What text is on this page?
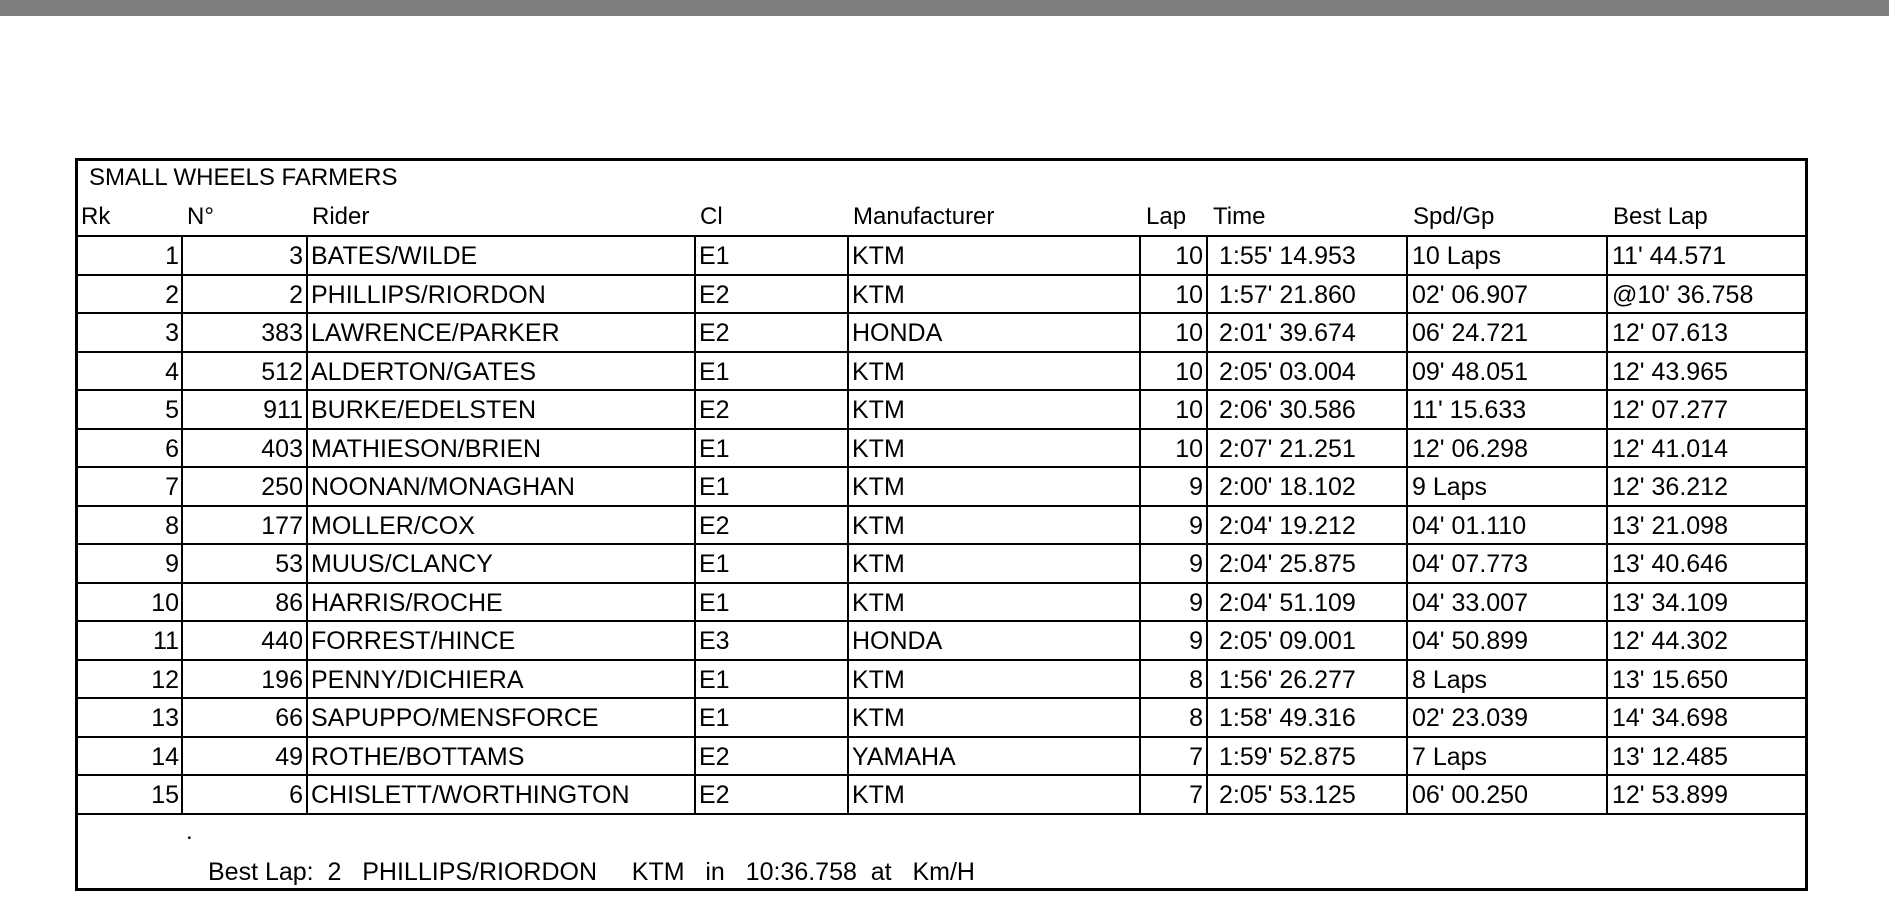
SMALL WHEELS FARMERS
Rk	N°	Rider	Cl	Manufacturer	Lap Time	Spd/Gp	Best Lap
1	3 BATES/WILDE	E1	KTM	10 1:55' 14.953	10 Laps	11' 44.571
2	2 PHILLIPS/RIORDON	E2	KTM	10 1:57' 21.860	02' 06.907	@10' 36.758
3	383 LAWRENCE/PARKER	E2	HONDA	10 2:01' 39.674	06' 24.721	12' 07.613
4	512 ALDERTON/GATES	E1	KTM	10 2:05' 03.004	09' 48.051	12' 43.965
5	911 BURKE/EDELSTEN	E2	KTM	10 2:06' 30.586	11' 15.633	12' 07.277
6	403 MATHIESON/BRIEN	E1	KTM	10 2:07' 21.251	12' 06.298	12' 41.014
7	250 NOONAN/MONAGHAN	E1	KTM	9 2:00' 18.102	9 Laps	12' 36.212
8	177 MOLLER/COX	E2	KTM	9 2:04' 19.212	04' 01.110	13' 21.098
9	53 MUUS/CLANCY	E1	KTM	9 2:04' 25.875	04' 07.773	13' 40.646
10	86 HARRIS/ROCHE	E1	KTM	9 2:04' 51.109	04' 33.007	13' 34.109
11	440 FORREST/HINCE	E3	HONDA	9 2:05' 09.001	04' 50.899	12' 44.302
12	196 PENNY/DICHIERA	E1	KTM	8 1:56' 26.277	8 Laps	13' 15.650
13	66 SAPUPPO/MENSFORCE	E1	KTM	8 1:58' 49.316	02' 23.039	14' 34.698
14	49 ROTHE/BOTTAMS	E2	YAMAHA	7 1:59' 52.875	7 Laps	13' 12.485
15	6 CHISLETT/WORTHINGTON	E2	KTM	7 2:05' 53.125	06' 00.250	12' 53.899
.
Best Lap:  2   PHILLIPS/RIORDON     KTM   in   10:36.758  at   Km/H
